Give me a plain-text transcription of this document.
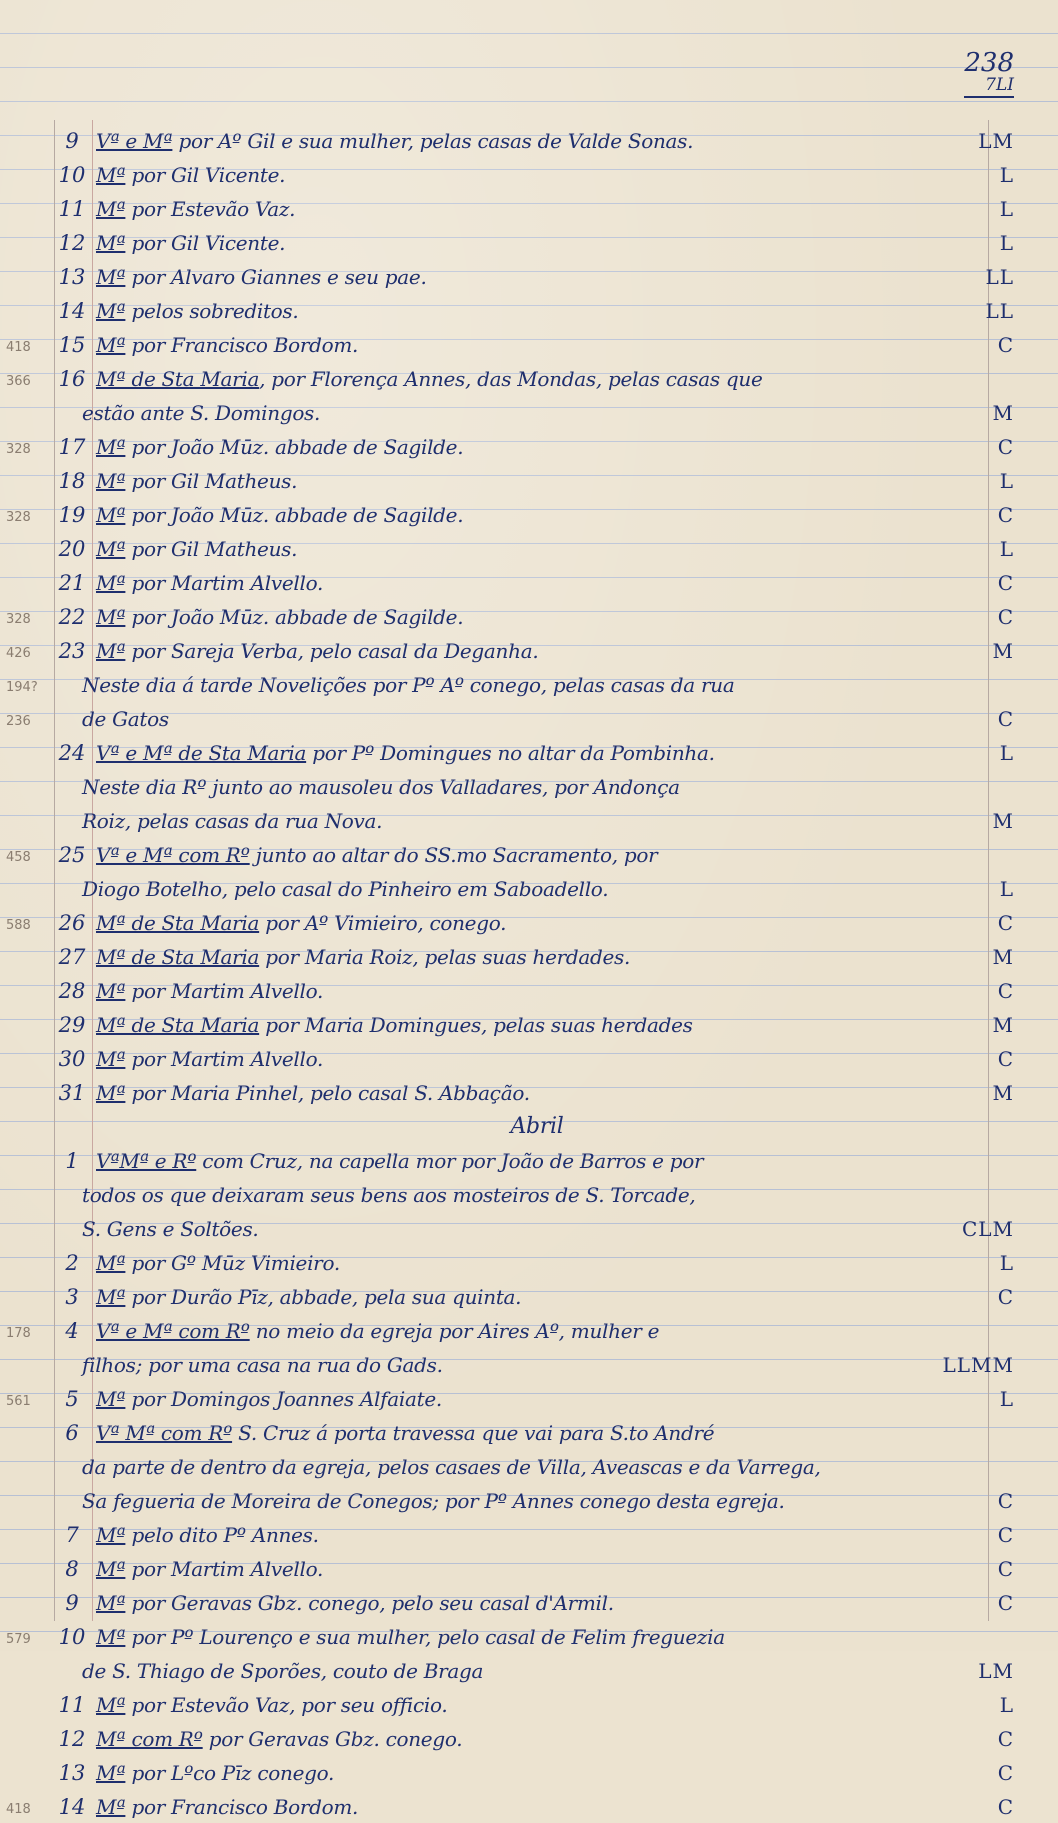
238
7LI
9 Vª e Mª por Aº Gil e sua mulher, pelas casas de Valde Sonas.	LM
10 Mª por Gil Vicente.	L
11 Mª por Estevão Vaz.	L
12 Mª por Gil Vicente.	L
13 Mª por Alvaro Giannes e seu pae.	LL
14 Mª pelos sobreditos.	LL
418 15 Mª por Francisco Bordom.	C
366 16 Mª de Sta Maria, por Florença Annes, das Mondas, pelas casas que
estão ante S. Domingos.	M
328 17 Mª por João Mūz. abbade de Sagilde.	C
18 Mª por Gil Matheus.	L
328 19 Mª por João Mūz. abbade de Sagilde.	C
20 Mª por Gil Matheus.	L
21 Mª por Martim Alvello.	C
328 22 Mª por João Mūz. abbade de Sagilde.	C
426 23 Mª por Sareja Verba, pelo casal da Deganha.	M
194? Neste dia á tarde Novelições por Pº Aº conego, pelas casas da rua
236	de Gatos	C
24 Vª e Mª de Sta Maria por Pº Domingues no altar da Pombinha.	L
Neste dia Rº junto ao mausoleu dos Valladares, por Andonça
Roiz, pelas casas da rua Nova.	M
458 25 Vª e Mª com Rº junto ao altar do SS.mo Sacramento, por
Diogo Botelho, pelo casal do Pinheiro em Saboadello.	L
588 26 Mª de Sta Maria por Aº Vimieiro, conego.	C
27 Mª de Sta Maria por Maria Roiz, pelas suas herdades.	M
28 Mª por Martim Alvello.	C
29 Mª de Sta Maria por Maria Domingues, pelas suas herdades	M
30 Mª por Martim Alvello.	C
31 Mª por Maria Pinhel, pelo casal S. Abbação.	M
Abril
1 VªMª e Rº com Cruz, na capella mor por João de Barros e por
todos os que deixaram seus bens aos mosteiros de S. Torcade,
S. Gens e Soltões.	CLM
2 Mª por Gº Mūz Vimieiro.	L
3 Mª por Durão Pīz, abbade, pela sua quinta.	C
178	4 Vª e Mª com Rº no meio da egreja por Aires Aº, mulher e
filhos; por uma casa na rua do Gads.	LLMM
561	5 Mª por Domingos Joannes Alfaiate.	L
6 Vª Mª com Rº S. Cruz á porta travessa que vai para S.to André
da parte de dentro da egreja, pelos casaes de Villa, Aveascas e da Varrega,
Sa fegueria de Moreira de Conegos; por Pº Annes conego desta egreja.	C
7 Mª pelo dito Pº Annes.	C
8 Mª por Martim Alvello.	C
9 Mª por Geravas Gbz. conego, pelo seu casal d'Armil.	C
579 10 Mª por Pº Lourenço e sua mulher, pelo casal de Felim freguezia
de S. Thiago de Sporões, couto de Braga	LM
11 Mª por Estevão Vaz, por seu officio.	L
12 Mª com Rº por Geravas Gbz. conego.	C
13 Mª por Lºco Pīz conego.	C
418 14 Mª por Francisco Bordom.	C
